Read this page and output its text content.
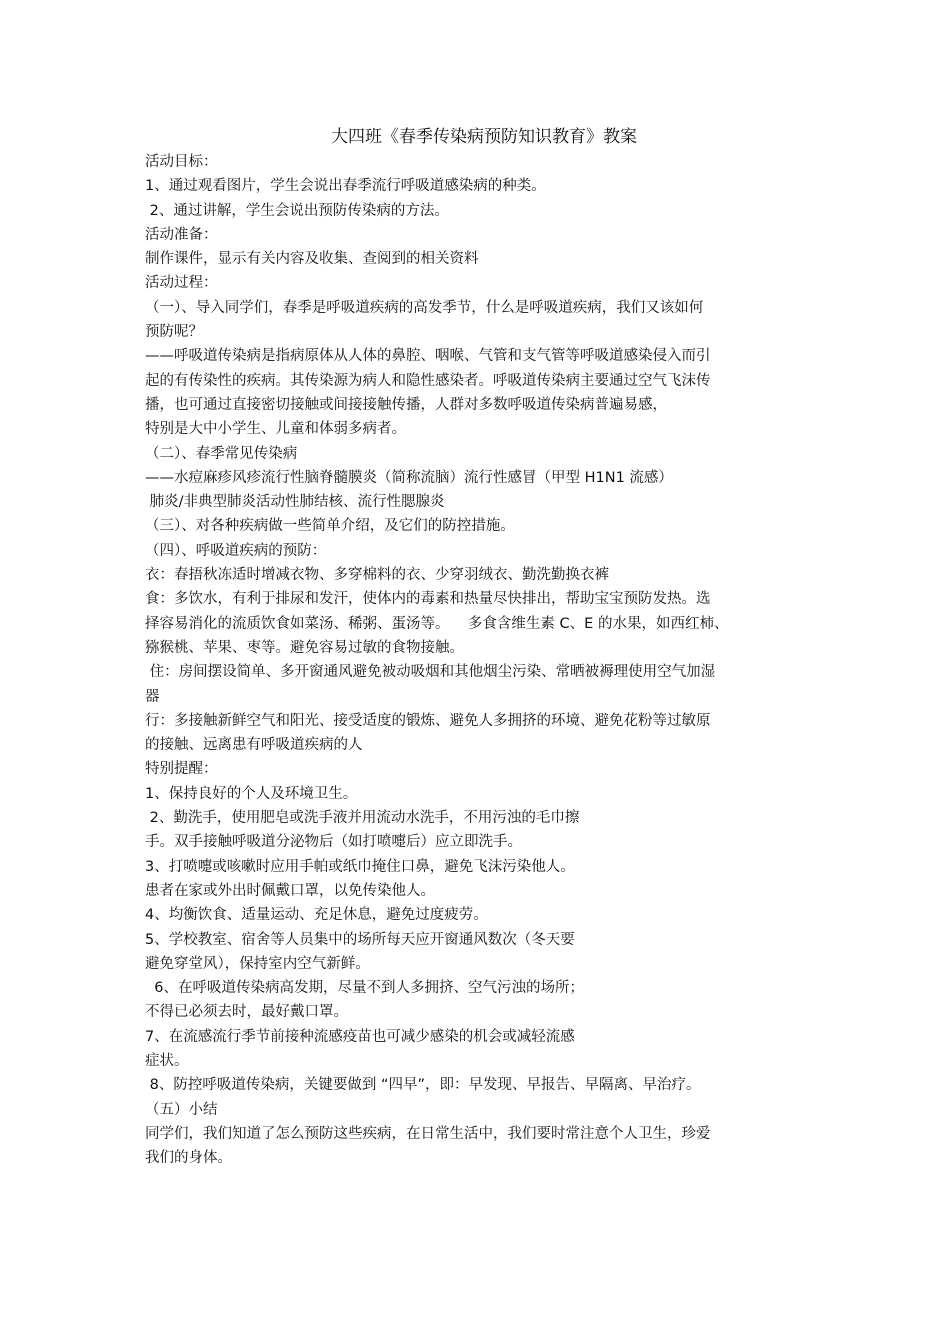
大四班《春季传染病预防知识教育》教案

活动目标：

1、通过观看图片，学生会说出春季流行呼吸道感染病的种类。

2、通过讲解，学生会说出预防传染病的方法。

活动准备：

制作课件，显示有关内容及收集、查阅到的相关资料

活动过程：

（一）、导入同学们，春季是呼吸道疾病的高发季节，什么是呼吸道疾病，我们又该如何

预防呢？

——呼吸道传染病是指病原体从人体的鼻腔、咽喉、气管和支气管等呼吸道感染侵入而引

起的有传染性的疾病。其传染源为病人和隐性感染者。呼吸道传染病主要通过空气飞沫传

播，也可通过直接密切接触或间接接触传播，人群对多数呼吸道传染病普遍易感，

特别是大中小学生、儿童和体弱多病者。

（二）、春季常见传染病

——水痘麻疹风疹流行性脑脊髓膜炎（简称流脑）流行性感冒（甲型 H1N1 流感）

肺炎/非典型肺炎活动性肺结核、流行性腮腺炎

（三）、对各种疾病做一些简单介绍，及它们的防控措施。

（四）、呼吸道疾病的预防：

衣：春捂秋冻适时增减衣物、多穿棉料的衣、少穿羽绒衣、勤洗勤换衣裤

食：多饮水，有利于排尿和发汗，使体内的毒素和热量尽快排出，帮助宝宝预防发热。选

择容易消化的流质饮食如菜汤、稀粥、蛋汤等。    多食含维生素 C、E 的水果，如西红柿、

猕猴桃、苹果、枣等。避免容易过敏的食物接触。

住：房间摆设简单、多开窗通风避免被动吸烟和其他烟尘污染、常晒被褥理使用空气加湿

器

行：多接触新鲜空气和阳光、接受适度的锻炼、避免人多拥挤的环境、避免花粉等过敏原

的接触、远离患有呼吸道疾病的人

特别提醒：

1、保持良好的个人及环境卫生。

2、勤洗手，使用肥皂或洗手液并用流动水洗手，不用污浊的毛巾擦

手。双手接触呼吸道分泌物后（如打喷嚏后）应立即洗手。

3、打喷嚏或咳嗽时应用手帕或纸巾掩住口鼻，避免飞沫污染他人。

患者在家或外出时佩戴口罩，以免传染他人。

4、均衡饮食、适量运动、充足休息，避免过度疲劳。

5、学校教室、宿舍等人员集中的场所每天应开窗通风数次（冬天要

避免穿堂风），保持室内空气新鲜。

6、在呼吸道传染病高发期，尽量不到人多拥挤、空气污浊的场所；

不得已必须去时，最好戴口罩。

7、在流感流行季节前接种流感疫苗也可减少感染的机会或减轻流感

症状。

8、防控呼吸道传染病，关键要做到 “四早”，即：早发现、早报告、早隔离、早治疗。

（五）小结

同学们，我们知道了怎么预防这些疾病，在日常生活中，我们要时常注意个人卫生，珍爱

我们的身体。
